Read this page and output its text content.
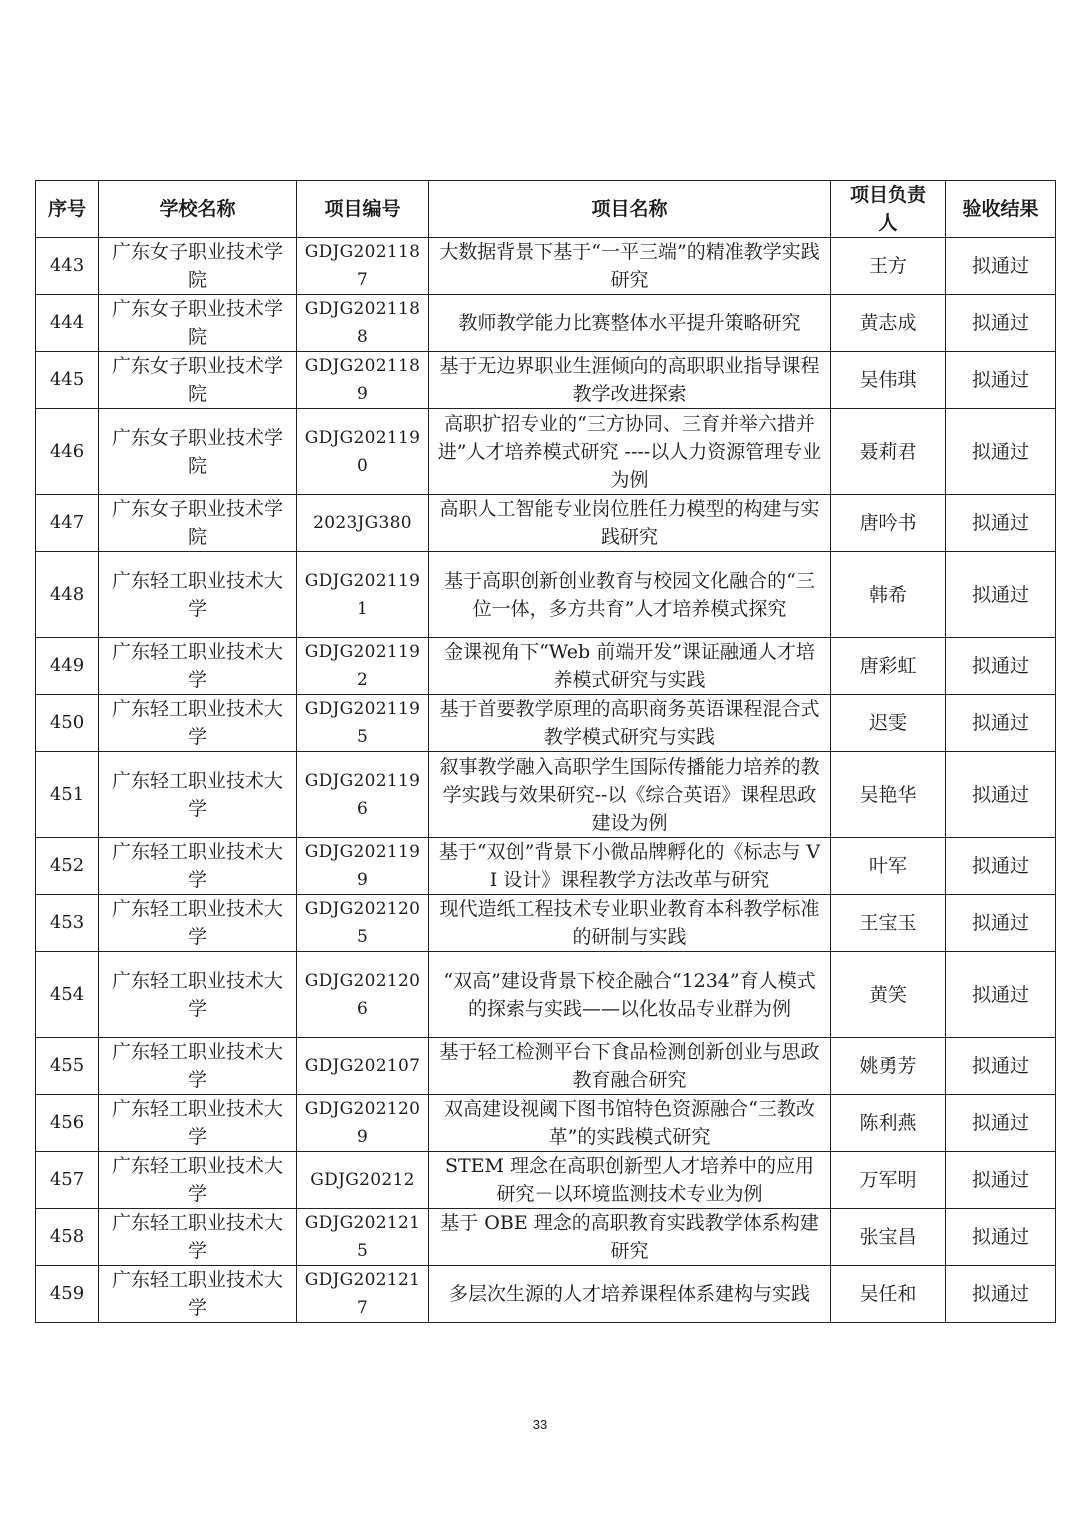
序号	学校名称	项目编号	项目名称	项目负责人	验收结果
443	广东女子职业技术学院	GDJG2021187	大数据背景下基于“一平三端”的精准教学实践研究	王方	拟通过
444	广东女子职业技术学院	GDJG2021188	教师教学能力比赛整体水平提升策略研究	黄志成	拟通过
445	广东女子职业技术学院	GDJG2021189	基于无边界职业生涯倾向的高职职业指导课程教学改进探索	吴伟琪	拟通过
446	广东女子职业技术学院	GDJG2021190	高职扩招专业的“三方协同、三育并举六措并进”人才培养模式研究 ----以人力资源管理专业为例	聂莉君	拟通过
447	广东女子职业技术学院	2023JG380	高职人工智能专业岗位胜任力模型的构建与实践研究	唐吟书	拟通过
448	广东轻工职业技术大学	GDJG2021191	基于高职创新创业教育与校园文化融合的“三位一体，多方共育”人才培养模式探究	韩希	拟通过
449	广东轻工职业技术大学	GDJG2021192	金课视角下“Web 前端开发”课证融通人才培养模式研究与实践	唐彩虹	拟通过
450	广东轻工职业技术大学	GDJG2021195	基于首要教学原理的高职商务英语课程混合式教学模式研究与实践	迟雯	拟通过
451	广东轻工职业技术大学	GDJG2021196	叙事教学融入高职学生国际传播能力培养的教学实践与效果研究--以《综合英语》课程思政建设为例	吴艳华	拟通过
452	广东轻工职业技术大学	GDJG2021199	基于“双创”背景下小微品牌孵化的《标志与 VI 设计》课程教学方法改革与研究	叶军	拟通过
453	广东轻工职业技术大学	GDJG2021205	现代造纸工程技术专业职业教育本科教学标准的研制与实践	王宝玉	拟通过
454	广东轻工职业技术大学	GDJG2021206	“双高”建设背景下校企融合“1234”育人模式的探索与实践——以化妆品专业群为例	黄笑	拟通过
455	广东轻工职业技术大学	GDJG202107	基于轻工检测平台下食品检测创新创业与思政教育融合研究	姚勇芳	拟通过
456	广东轻工职业技术大学	GDJG2021209	双高建设视阈下图书馆特色资源融合“三教改革”的实践模式研究	陈利燕	拟通过
457	广东轻工职业技术大学	GDJG20212	STEM 理念在高职创新型人才培养中的应用研究－以环境监测技术专业为例	万军明	拟通过
458	广东轻工职业技术大学	GDJG2021215	基于 OBE 理念的高职教育实践教学体系构建研究	张宝昌	拟通过
459	广东轻工职业技术大学	GDJG2021217	多层次生源的人才培养课程体系建构与实践	吴任和	拟通过
33
